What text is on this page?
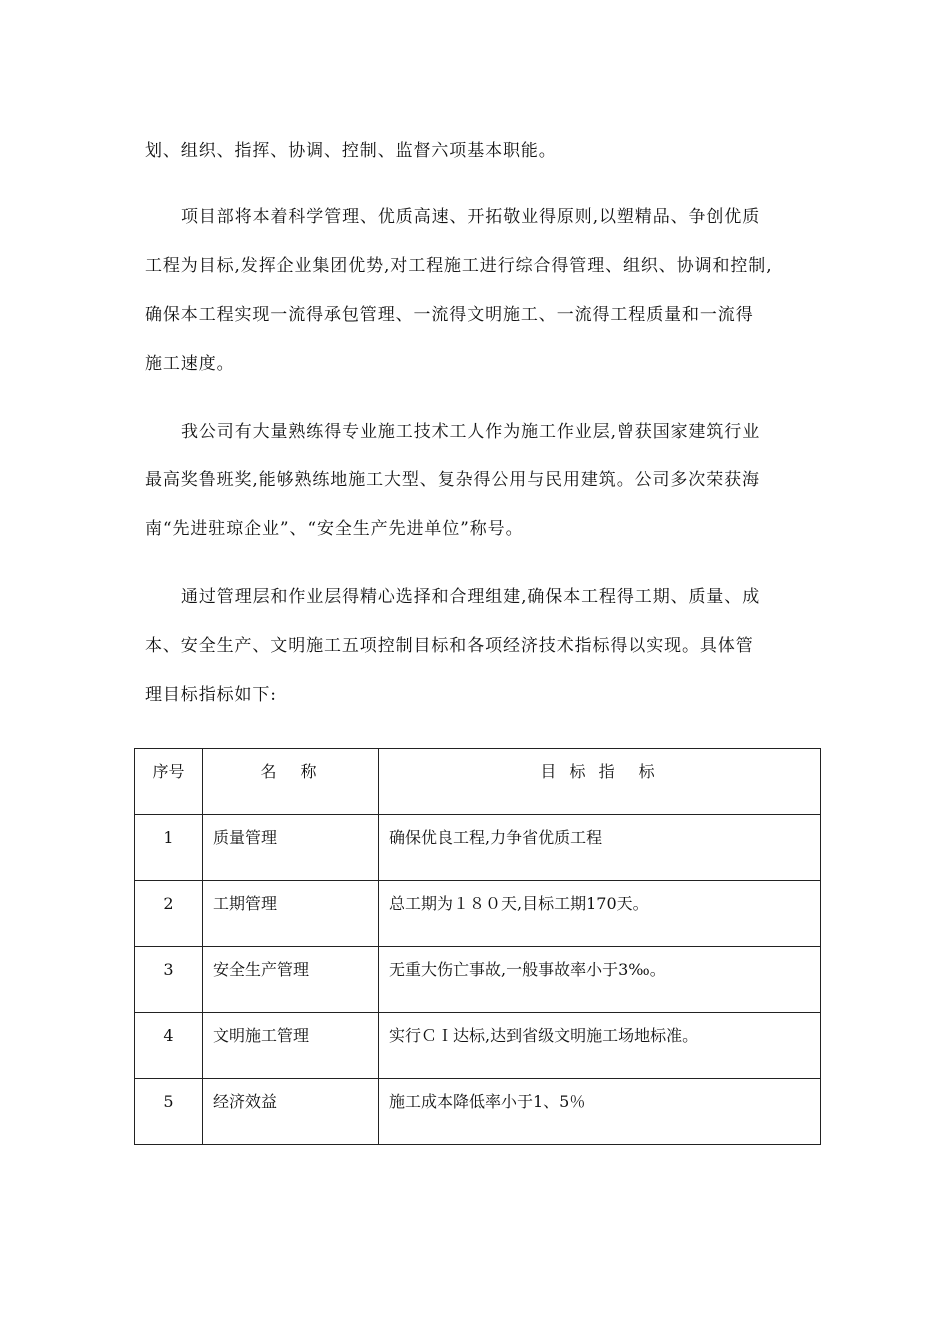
划、组织、指挥、协调、控制、监督六项基本职能。
项目部将本着科学管理、优质高速、开拓敬业得原则,以塑精品、争创优质
工程为目标,发挥企业集团优势,对工程施工进行综合得管理、组织、协调和控制,
确保本工程实现一流得承包管理、一流得文明施工、一流得工程质量和一流得
施工速度。
我公司有大量熟练得专业施工技术工人作为施工作业层,曾获国家建筑行业
最高奖鲁班奖,能够熟练地施工大型、复杂得公用与民用建筑。公司多次荣获海
南“先进驻琼企业”、“安全生产先进单位”称号。
通过管理层和作业层得精心选择和合理组建,确保本工程得工期、质量、成
本、安全生产、文明施工五项控制目标和各项经济技术指标得以实现。具体管
理目标指标如下:
序号	名　称	目 标 指　标

1	质量管理	确保优良工程,力争省优质工程

2	工期管理	总工期为１８０天,目标工期170天。

3	安全生产管理	无重大伤亡事故,一般事故率小于3‰。

4	文明施工管理	实行ＣＩ达标,达到省级文明施工场地标准。

5	经济效益	施工成本降低率小于1、5％
